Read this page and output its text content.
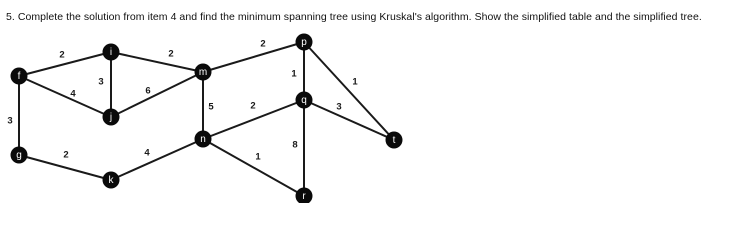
5. Complete the solution from item 4 and find the minimum spanning tree using Kruskal's algorithm. Show the simplified table and the simplified tree.
2
4
3
3
2
6
2	4
5
2
2
1
1
1
3
8
f
i
j
g
k
m
n
p
q
r
t
